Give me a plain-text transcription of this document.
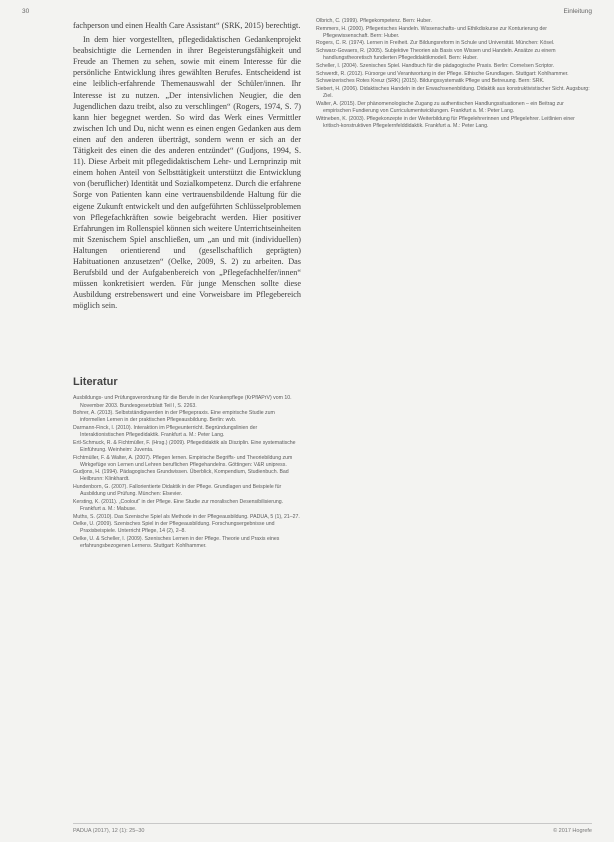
30	Einleitung

fachperson und einen Health Care Assistant“ (SRK, 2015) berechtigt.

In dem hier vorgestellten, pflegedidaktischen Gedankenprojekt beabsichtigte die Lernenden in ihrer Begeisterungsfähigkeit und Freude an Themen zu sehen, sowie mit einem Interesse für die persönliche Entwicklung ihres gewählten Berufes. Entscheidend ist eine leiblich-erfahrende Themenauswahl der Schüler/innen. Ihr Interesse ist zu nutzen. „Der intensivlichen Neugier, die den Jugendlichen dazu treibt, also zu verschlingen“ (Rogers, 1974, S. 7) kann hier begegnet werden. So wird das Werk eines Vermittler zwischen Ich und Du, nicht wenn es einen engen Gedanken aus dem einen auf den anderen überträgt, sondern wenn er sich an der Tätigkeit des einen die des anderen entzündet“ (Gudjons, 1994, S. 11). Diese Arbeit mit pflegedidaktischem Lehr- und Lernprinzip mit einem hohen Anteil von Selbsttätigkeit unterstützt die Entwicklung von (beruflicher) Identität und Sozialkompetenz. Durch die erfahrene Sorge von Patienten kann eine vertrauensbildende Haltung für die eigene Zukunft entwickelt und den aufgeführten Schlüsselproblemen von Pflegefachkräften sowie beigebracht werden. Hier positiver Erfahrungen im Rollenspiel können sich weitere Unterrichtseinheiten mit Szenischem Spiel anschließen, um „an und mit (individuellen) Haltungen orientierend und (gesellschaftlich geprägten) Habituationen anzusetzen“ (Oelke, 2009, S. 2) zu arbeiten. Das Berufsbild und der Aufgabenbereich von „Pflegefachhelfer/innen“ müssen konkretisiert werden. Für junge Menschen sollte diese Ausbildung erstrebenswert und eine Vorweisbare im Pflegebereich möglich sein.

Literatur
Ausbildungs- und Prüfungsverordnung für die Berufe in der Krankenpflege (KrPflAPrV) vom 10. November 2003. Bundesgesetzblatt Teil I, S. 2263.
Bohrer, A. (2013). Selbstständigwerden in der Pflegepraxis. Eine empirische Studie zum informellen Lernen in der praktischen Pflegeausbildung. Berlin: wvb.
Darmann-Finck, I. (2010). Interaktion im Pflegeunterricht. Begründungslinien der Interaktionistischen Pflegedidaktik. Frankfurt a. M.: Peter Lang.
Ertl-Schmuck, R. & Fichtmüller, F. (Hrsg.) (2009). Pflegedidaktik als Disziplin. Eine systematische Einführung. Weinheim: Juventa.
Fichtmüller, F. & Walter, A. (2007). Pflegen lernen. Empirische Begriffs- und Theoriebildung zum Wirkgefüge von Lernen und Lehren beruflichen Pflegehandelns. Göttingen: V&R unipress.
Gudjons, H. (1994). Pädagogisches Grundwissen. Überblick, Kompendium, Studienbuch. Bad Heilbrunn: Klinkhardt.
Hundenborn, G. (2007). Fallorientierte Didaktik in der Pflege. Grundlagen und Beispiele für Ausbildung und Prüfung. München: Elsevier.
Kersting, K. (2011). „Coolout“ in der Pflege. Eine Studie zur moralischen Desensibilisierung. Frankfurt a. M.: Mabuse.
Muths, S. (2010). Das Szenische Spiel als Methode in der Pflegeausbildung. PADUA, 5 (1), 21–27.
Oelke, U. (2009). Szenisches Spiel in der Pflegeausbildung. Forschungsergebnisse und Praxisbeispiele. Unterricht Pflege, 14 (2), 2–8.
Oelke, U. & Scheller, I. (2009). Szenisches Lernen in der Pflege. Theorie und Praxis eines erfahrungsbezogenen Lernens. Stuttgart: Kohlhammer.
Olbrich, C. (1999). Pflegekompetenz. Bern: Huber.
Remmers, H. (2000). Pflegerisches Handeln. Wissenschafts- und Ethikdiskurse zur Konturierung der Pflegewissenschaft. Bern: Huber.
Rogers, C. R. (1974). Lernen in Freiheit. Zur Bildungsreform in Schule und Universität. München: Kösel.
Schwarz-Govaers, R. (2005). Subjektive Theorien als Basis von Wissen und Handeln. Ansätze zu einem handlungstheoretisch fundierten Pflegedidaktikmodell. Bern: Huber.
Scheller, I. (2004). Szenisches Spiel. Handbuch für die pädagogische Praxis. Berlin: Cornelsen Scriptor.
Schwerdt, R. (2012). Fürsorge und Verantwortung in der Pflege. Ethische Grundlagen. Stuttgart: Kohlhammer.
Schweizerisches Rotes Kreuz (SRK) (2015). Bildungssystematik Pflege und Betreuung. Bern: SRK.
Siebert, H. (2006). Didaktisches Handeln in der Erwachsenenbildung. Didaktik aus konstruktivistischer Sicht. Augsburg: Ziel.
Walter, A. (2015). Der phänomenologische Zugang zu authentischen Handlungssituationen – ein Beitrag zur empirischen Fundierung von Curriculumentwicklungen. Frankfurt a. M.: Peter Lang.
Wittneben, K. (2003). Pflegekonzepte in der Weiterbildung für Pflegelehrerinnen und Pflegelehrer. Leitlinien einer kritisch-konstruktiven Pflegelernfelddidaktik. Frankfurt a. M.: Peter Lang.
PADUA (2017), 12 (1): 25–30	© 2017 Hogrefe
